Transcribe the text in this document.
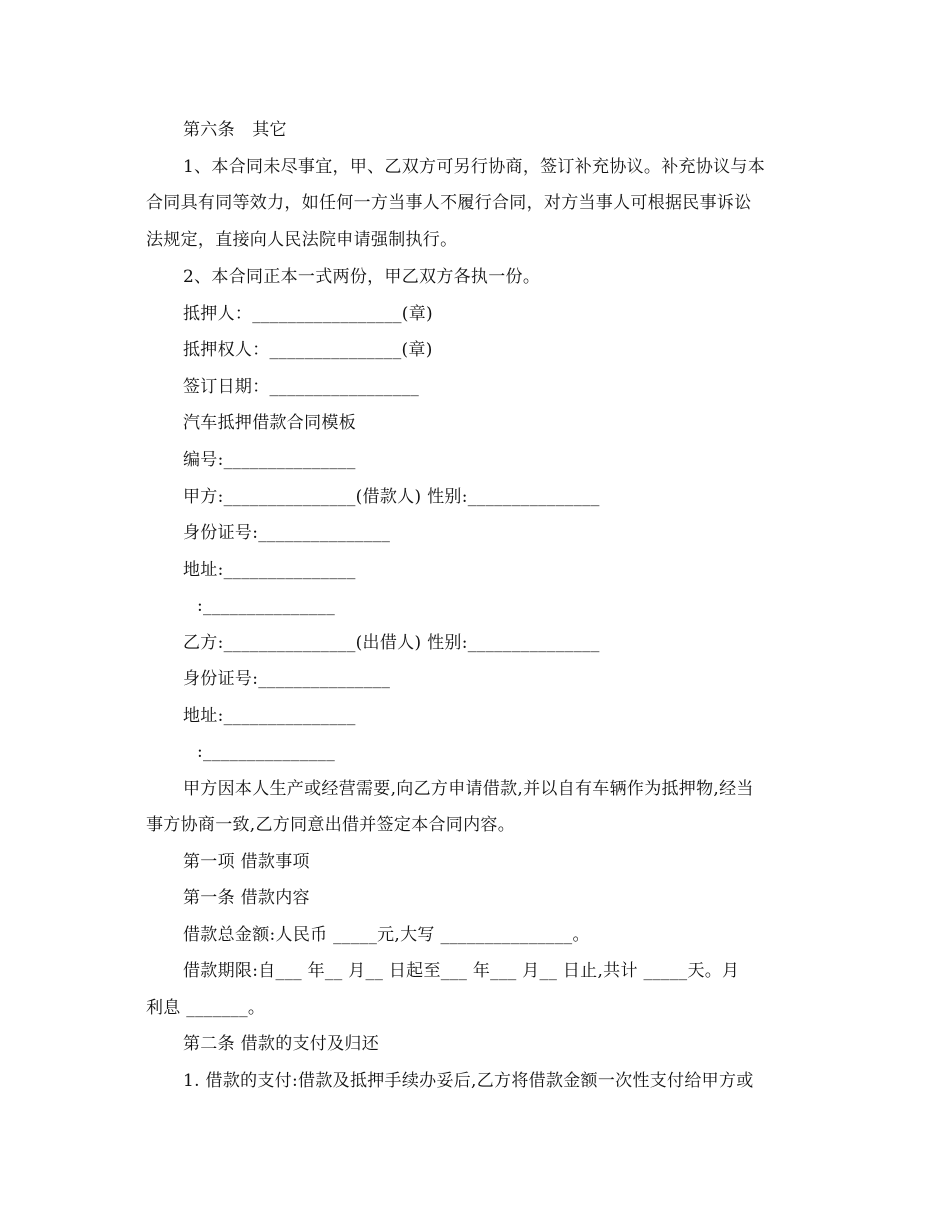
第六条　其它
1、本合同未尽事宜，甲、乙双方可另行协商，签订补充协议。补充协议与本
合同具有同等效力，如任何一方当事人不履行合同，对方当事人可根据民事诉讼
法规定，直接向人民法院申请强制执行。
2、本合同正本一式两份，甲乙双方各执一份。
抵押人：_________________(章)
抵押权人：_______________(章)
签订日期：_________________
汽车抵押借款合同模板
编号:_______________
甲方:_______________(借款人) 性别:_______________
身份证号:_______________
地址:_______________
:_______________
乙方:_______________(出借人) 性别:_______________
身份证号:_______________
地址:_______________
:_______________
甲方因本人生产或经营需要,向乙方申请借款,并以自有车辆作为抵押物,经当
事方协商一致,乙方同意出借并签定本合同内容。
第一项 借款事项
第一条 借款内容
借款总金额:人民币 _____元,大写 _______________。
借款期限:自___ 年__ 月__ 日起至___ 年___ 月__ 日止,共计 _____天。月
利息 _______。
第二条 借款的支付及归还
1. 借款的支付:借款及抵押手续办妥后,乙方将借款金额一次性支付给甲方或
